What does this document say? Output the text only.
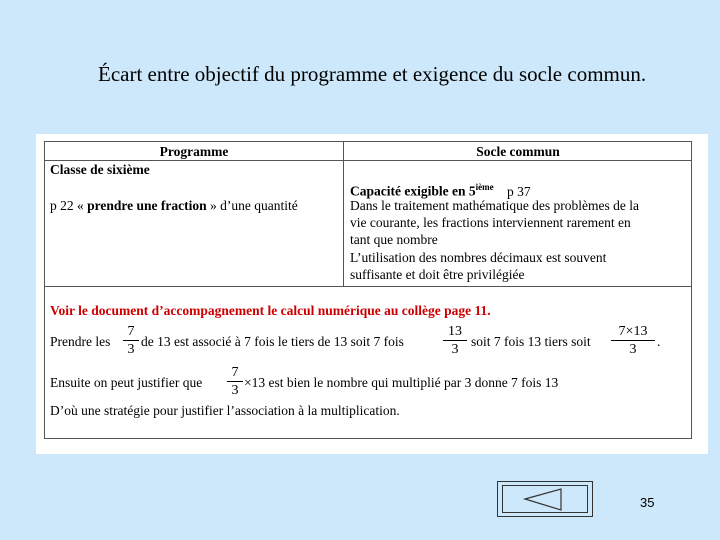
Écart entre objectif du programme et exigence du socle commun.
Programme	Socle commun
Classe de sixième
p 22 « prendre une fraction » d’une quantité
Capacité exigible en 5ième p 37
Dans le traitement mathématique des problèmes de la
vie courante, les fractions interviennent rarement en
tant que nombre
L’utilisation des nombres décimaux est souvent
suffisante et doit être privilégiée
Voir le document d’accompagnement le calcul numérique au collège page 11.
Prendre les
7
3
de 13 est associé à 7 fois le tiers de 13 soit 7 fois
13
3
soit 7 fois 13 tiers soit
7×13
3
.
Ensuite on peut justifier que
7
3
×13 est bien le nombre qui multiplié par 3 donne 7 fois 13
D’où une stratégie pour justifier l’association à la multiplication.
35
